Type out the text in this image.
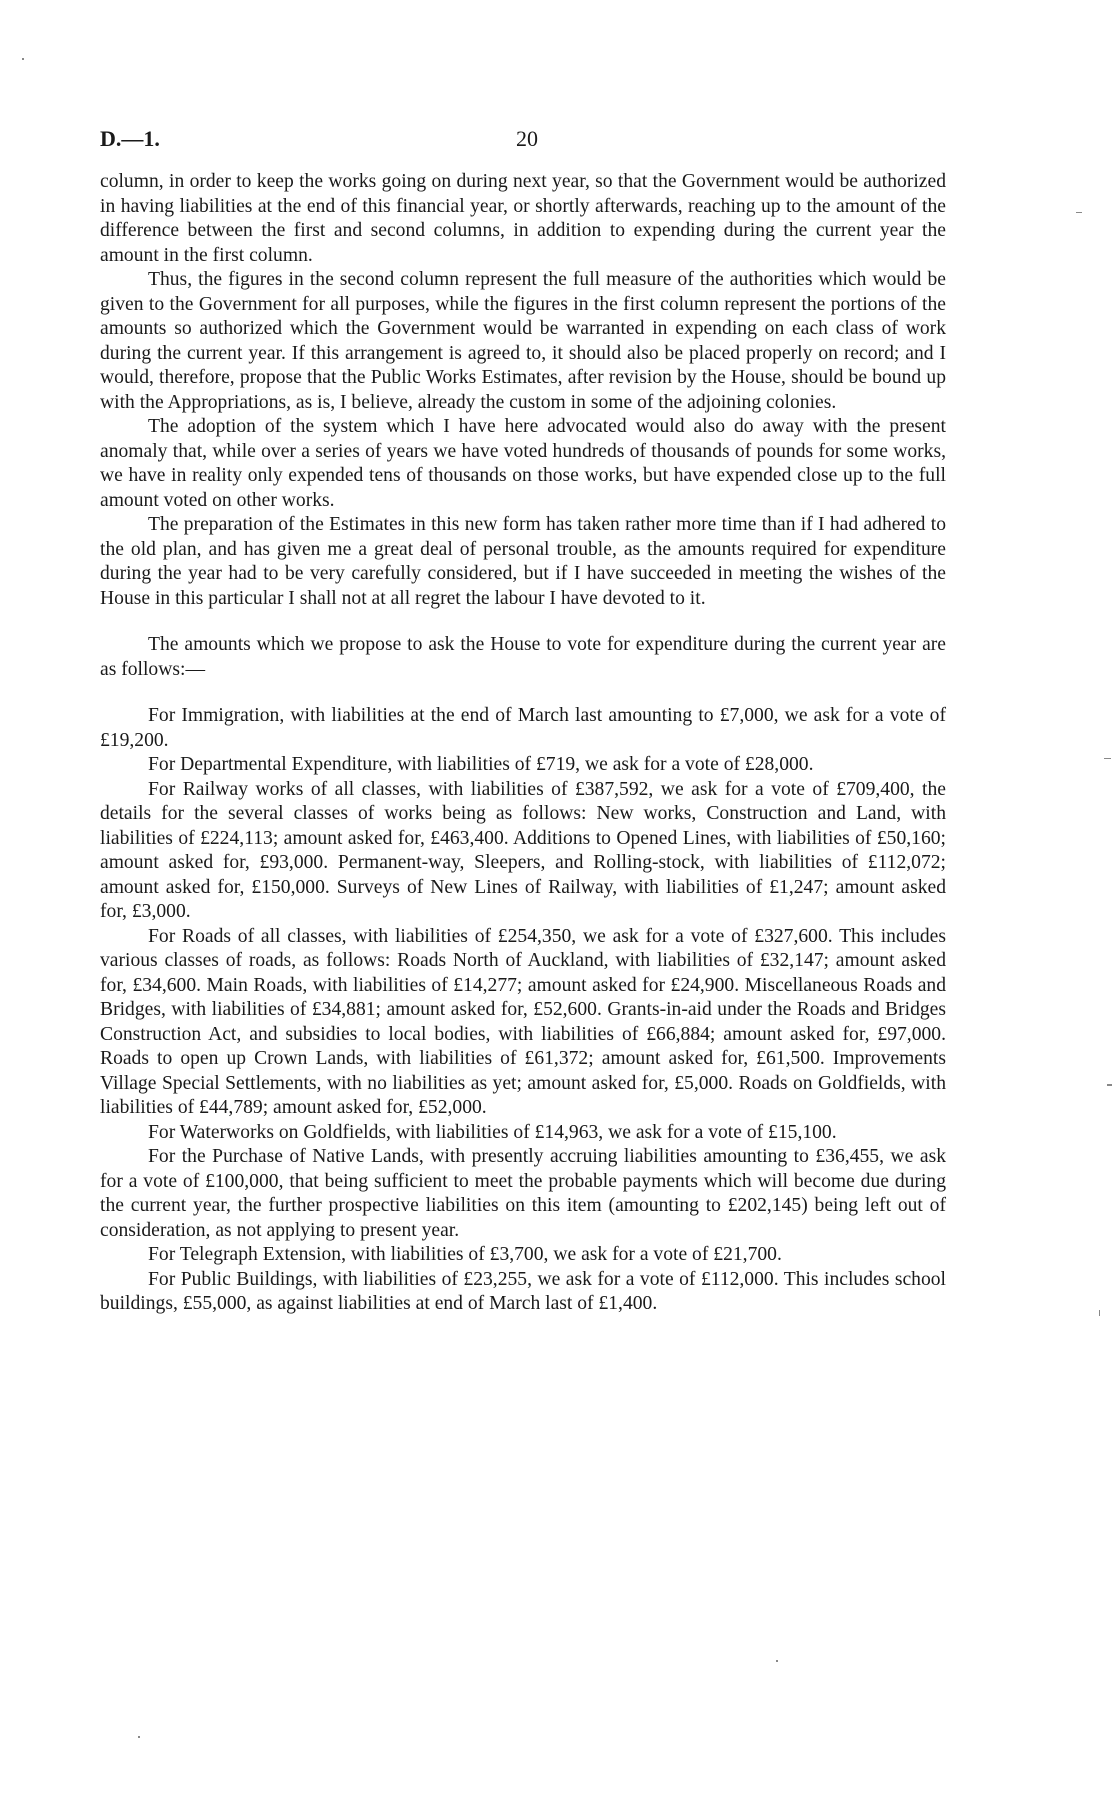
D.—1.	20

column, in order to keep the works going on during next year, so that the Government would be authorized in having liabilities at the end of this financial year, or shortly afterwards, reaching up to the amount of the difference between the first and second columns, in addition to expending during the current year the amount in the first column.

Thus, the figures in the second column represent the full measure of the authorities which would be given to the Government for all purposes, while the figures in the first column represent the portions of the amounts so authorized which the Government would be warranted in expending on each class of work during the current year. If this arrangement is agreed to, it should also be placed properly on record; and I would, therefore, propose that the Public Works Estimates, after revision by the House, should be bound up with the Appropriations, as is, I believe, already the custom in some of the adjoining colonies.

The adoption of the system which I have here advocated would also do away with the present anomaly that, while over a series of years we have voted hundreds of thousands of pounds for some works, we have in reality only expended tens of thousands on those works, but have expended close up to the full amount voted on other works.

The preparation of the Estimates in this new form has taken rather more time than if I had adhered to the old plan, and has given me a great deal of personal trouble, as the amounts required for expenditure during the year had to be very carefully considered, but if I have succeeded in meeting the wishes of the House in this particular I shall not at all regret the labour I have devoted to it.

The amounts which we propose to ask the House to vote for expenditure during the current year are as follows:—

For Immigration, with liabilities at the end of March last amounting to £7,000, we ask for a vote of £19,200.

For Departmental Expenditure, with liabilities of £719, we ask for a vote of £28,000.

For Railway works of all classes, with liabilities of £387,592, we ask for a vote of £709,400, the details for the several classes of works being as follows: New works, Construction and Land, with liabilities of £224,113; amount asked for, £463,400. Additions to Opened Lines, with liabilities of £50,160; amount asked for, £93,000. Permanent-way, Sleepers, and Rolling-stock, with liabilities of £112,072; amount asked for, £150,000. Surveys of New Lines of Railway, with liabilities of £1,247; amount asked for, £3,000.

For Roads of all classes, with liabilities of £254,350, we ask for a vote of £327,600. This includes various classes of roads, as follows: Roads North of Auckland, with liabilities of £32,147; amount asked for, £34,600. Main Roads, with liabilities of £14,277; amount asked for £24,900. Miscellaneous Roads and Bridges, with liabilities of £34,881; amount asked for, £52,600. Grants-in-aid under the Roads and Bridges Construction Act, and subsidies to local bodies, with liabilities of £66,884; amount asked for, £97,000. Roads to open up Crown Lands, with liabilities of £61,372; amount asked for, £61,500. Improvements Village Special Settlements, with no liabilities as yet; amount asked for, £5,000. Roads on Goldfields, with liabilities of £44,789; amount asked for, £52,000.

For Waterworks on Goldfields, with liabilities of £14,963, we ask for a vote of £15,100.

For the Purchase of Native Lands, with presently accruing liabilities amounting to £36,455, we ask for a vote of £100,000, that being sufficient to meet the probable payments which will become due during the current year, the further prospective liabilities on this item (amounting to £202,145) being left out of consideration, as not applying to present year.

For Telegraph Extension, with liabilities of £3,700, we ask for a vote of £21,700.

For Public Buildings, with liabilities of £23,255, we ask for a vote of £112,000. This includes school buildings, £55,000, as against liabilities at end of March last of £1,400.
